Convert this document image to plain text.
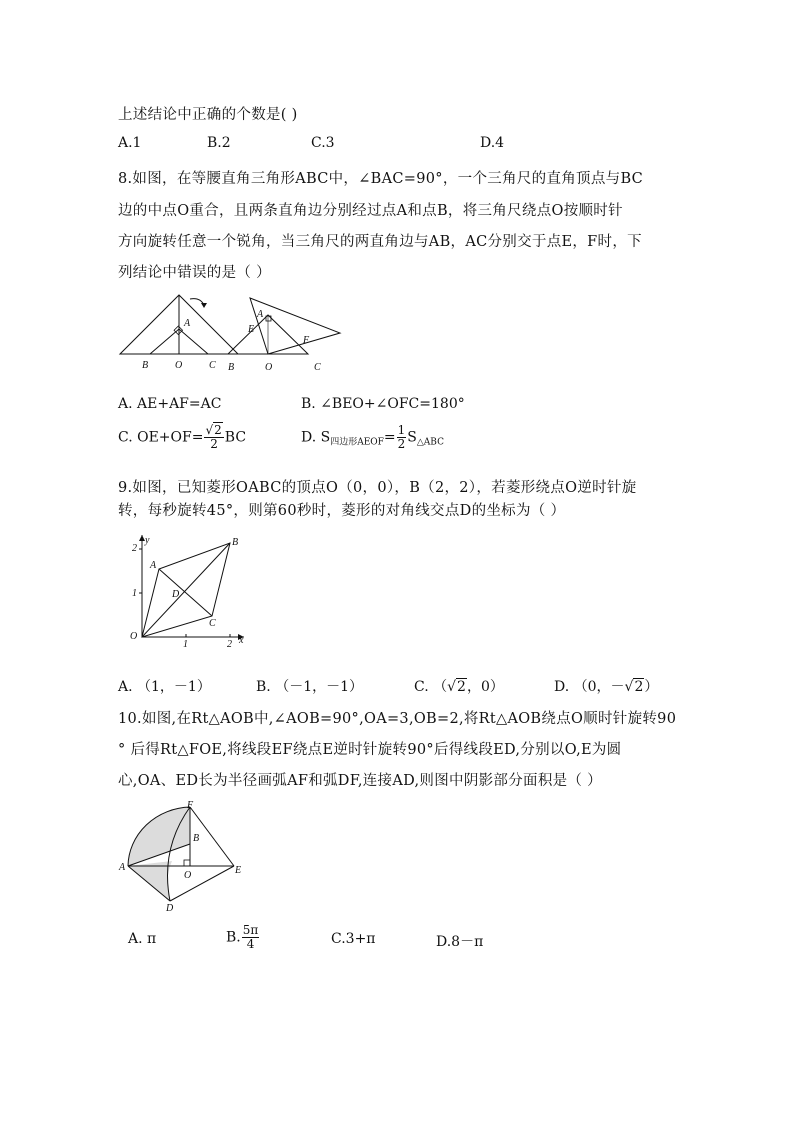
上述结论中正确的个数是( )
A.1	B.2	C.3	D.4
8.如图，在等腰直角三角形ABC中，∠BAC=90°，一个三角尺的直角顶点与BC
边的中点O重合，且两条直角边分别经过点A和点B，将三角尺绕点O按顺时针
方向旋转任意一个锐角，当三角尺的两直角边与AB，AC分别交于点E，F时，下
列结论中错误的是（ ）
A
B	O	C
A
E
F
B	O	C
A. AE+AF=AC	B. ∠BEO+∠OFC=180°
C. $OE+OF= \frac{√2}{2}$ BC	D. $S_{四边形AEOF}= \frac{1}{2} S_{\triangle ABC}$
9.如图，已知菱形OABC的顶点O（0，0），B（2，2），若菱形绕点O逆时针旋
转，每秒旋转45°，则第60秒时，菱形的对角线交点D的坐标为（ ）
y
2
1
O
1	2 x
A
B
C
D
A. （1，－1）	B. （－1，－1）	C. （√2，0）	D. （0，－√2）
10.如图,在Rt△AOB中,∠AOB=90°,OA=3,OB=2,将Rt△AOB绕点O顺时针旋转90
° 后得Rt△FOE,将线段EF绕点E逆时针旋转90°后得线段ED,分别以O,E为圆
心,OA、ED长为半径画弧AF和弧DF,连接AD,则图中阴影部分面积是（ ）
F
B
A
O	E
D
A. π	B. $\frac{5\pi}{4}$	C.3+π	D.8－π
